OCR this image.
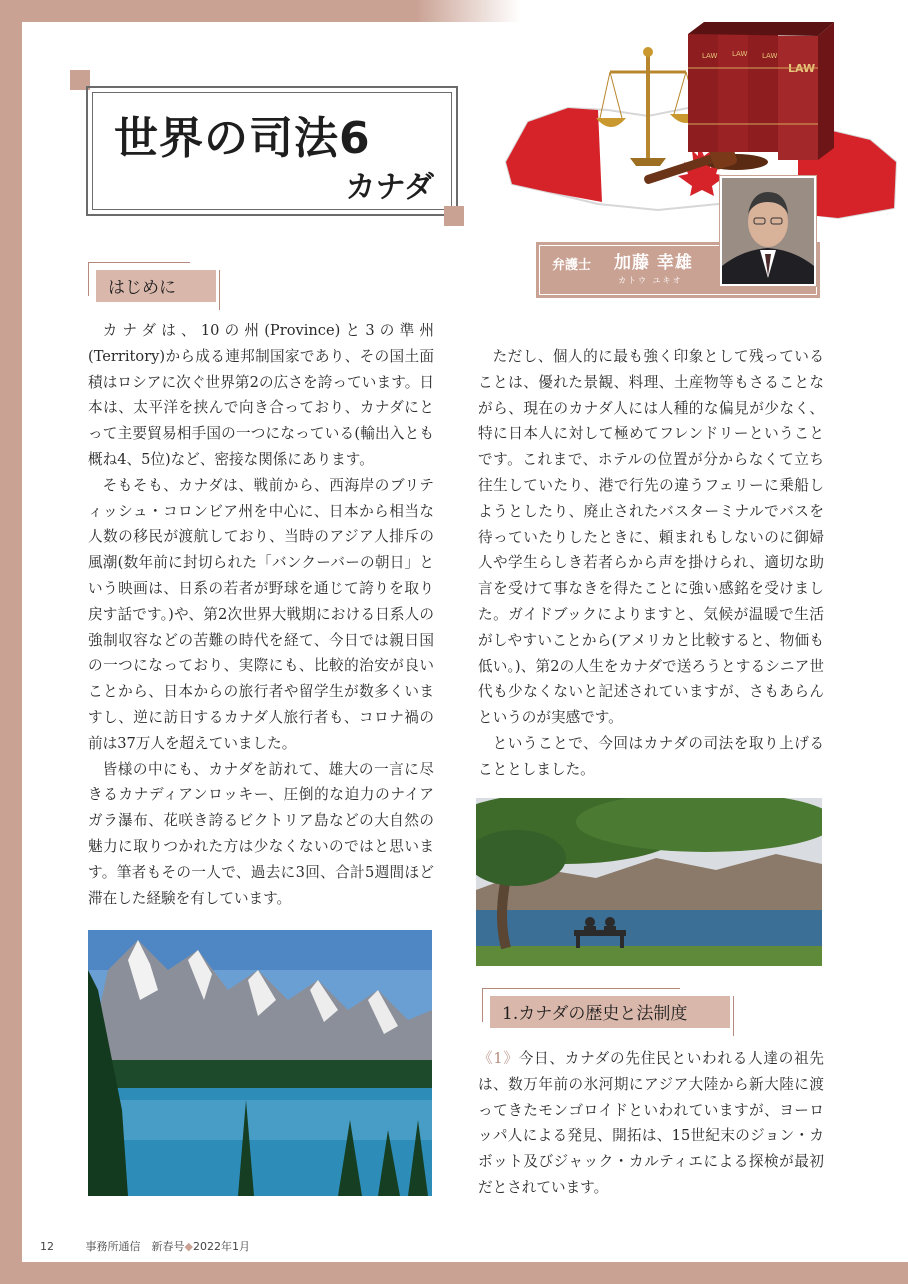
世界の司法6
カナダ
LAW LAW LAW
LAW
弁護士 加藤 幸雄
カトウ ユキオ
はじめに

カナダは、10の州(Province)と3の準州(Territory)から成る連邦制国家であり、その国土面積はロシアに次ぐ世界第2の広さを誇っています。日本は、太平洋を挟んで向き合っており、カナダにとって主要貿易相手国の一つになっている(輸出入とも概ね4、5位)など、密接な関係にあります。

そもそも、カナダは、戦前から、西海岸のブリティッシュ・コロンビア州を中心に、日本から相当な人数の移民が渡航しており、当時のアジア人排斥の風潮(数年前に封切られた「バンクーバーの朝日」という映画は、日系の若者が野球を通じて誇りを取り戻す話です。)や、第2次世界大戦期における日系人の強制収容などの苦難の時代を経て、今日では親日国の一つになっており、実際にも、比較的治安が良いことから、日本からの旅行者や留学生が数多くいますし、逆に訪日するカナダ人旅行者も、コロナ禍の前は37万人を超えていました。

皆様の中にも、カナダを訪れて、雄大の一言に尽きるカナディアンロッキー、圧倒的な迫力のナイアガラ瀑布、花咲き誇るビクトリア島などの大自然の魅力に取りつかれた方は少なくないのではと思います。筆者もその一人で、過去に3回、合計5週間ほど滞在した経験を有しています。

ただし、個人的に最も強く印象として残っていることは、優れた景観、料理、土産物等もさることながら、現在のカナダ人には人種的な偏見が少なく、特に日本人に対して極めてフレンドリーということです。これまで、ホテルの位置が分からなくて立ち往生していたり、港で行先の違うフェリーに乗船しようとしたり、廃止されたバスターミナルでバスを待っていたりしたときに、頼まれもしないのに御婦人や学生らしき若者らから声を掛けられ、適切な助言を受けて事なきを得たことに強い感銘を受けました。ガイドブックによりますと、気候が温暖で生活がしやすいことから(アメリカと比較すると、物価も低い。)、第2の人生をカナダで送ろうとするシニア世代も少なくないと記述されていますが、さもあらんというのが実感です。

ということで、今回はカナダの司法を取り上げることとしました。

1.カナダの歴史と法制度

《1》今日、カナダの先住民といわれる人達の祖先は、数万年前の氷河期にアジア大陸から新大陸に渡ってきたモンゴロイドといわれていますが、ヨーロッパ人による発見、開拓は、15世紀末のジョン・カボット及びジャック・カルティエによる探検が最初だとされています。

12	事務所通信　新春号◆2022年1月
